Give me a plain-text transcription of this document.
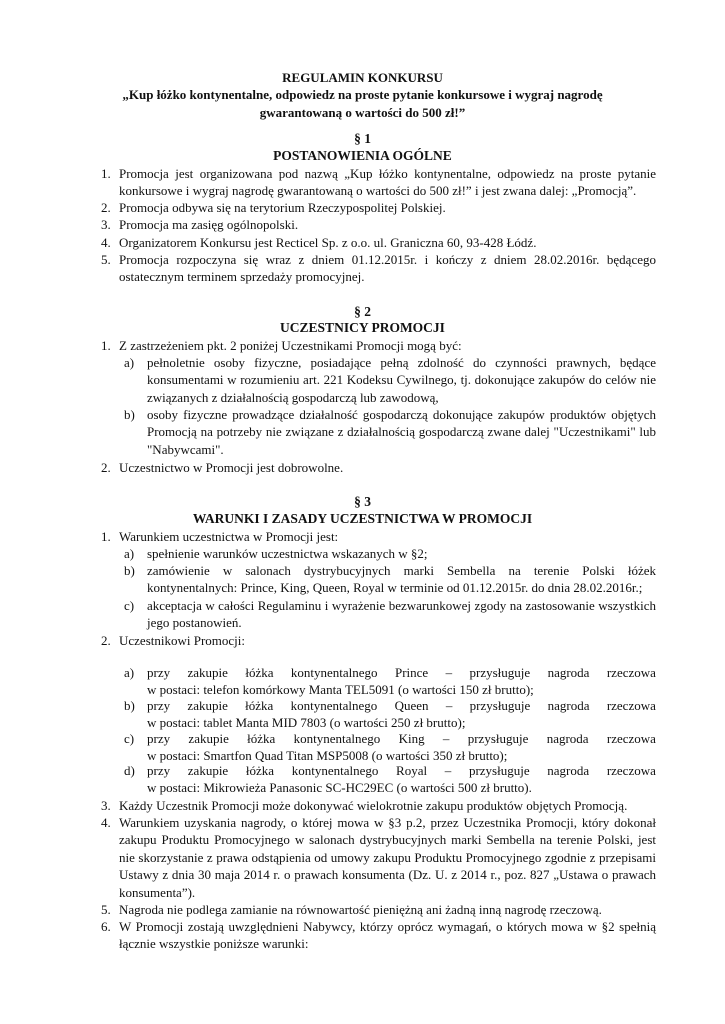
REGULAMIN KONKURSU
„Kup łóżko kontynentalne, odpowiedz na proste pytanie konkursowe i wygraj nagrodę gwarantowaną o wartości do 500 zł!”
§ 1
POSTANOWIENIA OGÓLNE
1. Promocja jest organizowana pod nazwą „Kup łóżko kontynentalne, odpowiedz na proste pytanie konkursowe i wygraj nagrodę gwarantowaną o wartości do 500 zł!” i jest zwana dalej: „Promocją”.
2. Promocja odbywa się na terytorium Rzeczypospolitej Polskiej.
3. Promocja ma zasięg ogólnopolski.
4. Organizatorem Konkursu jest Recticel Sp. z o.o. ul. Graniczna 60, 93-428 Łódź.
5. Promocja rozpoczyna się wraz z dniem 01.12.2015r. i kończy z dniem 28.02.2016r. będącego ostatecznym terminem sprzedaży promocyjnej.
§ 2
UCZESTNICY PROMOCJI
1. Z zastrzeżeniem pkt. 2 poniżej Uczestnikami Promocji mogą być:
a) pełnoletnie osoby fizyczne, posiadające pełną zdolność do czynności prawnych, będące konsumentami w rozumieniu art. 221 Kodeksu Cywilnego, tj. dokonujące zakupów do celów nie związanych z działalnością gospodarczą lub zawodową,
b) osoby fizyczne prowadzące działalność gospodarczą dokonujące zakupów produktów objętych Promocją na potrzeby nie związane z działalnością gospodarczą zwane dalej "Uczestnikami" lub "Nabywcami".
2. Uczestnictwo w Promocji jest dobrowolne.
§ 3
WARUNKI I ZASADY UCZESTNICTWA W PROMOCJI
1. Warunkiem uczestnictwa w Promocji jest:
a) spełnienie warunków uczestnictwa wskazanych w §2;
b) zamówienie w salonach dystrybucyjnych marki Sembella na terenie Polski łóżek kontynentalnych: Prince, King, Queen, Royal w terminie od 01.12.2015r. do dnia 28.02.2016r.;
c) akceptacja w całości Regulaminu i wyrażenie bezwarunkowej zgody na zastosowanie wszystkich jego postanowień.
2. Uczestnikowi Promocji:
a) przy zakupie łóżka kontynentalnego Prince – przysługuje nagroda rzeczowa
w postaci: telefon komórkowy Manta TEL5091 (o wartości 150 zł brutto);
b) przy zakupie łóżka kontynentalnego Queen – przysługuje nagroda rzeczowa
w postaci: tablet Manta MID 7803 (o wartości 250 zł brutto);
c) przy zakupie łóżka kontynentalnego King – przysługuje nagroda rzeczowa
w postaci: Smartfon Quad Titan MSP5008 (o wartości 350 zł brutto);
d) przy zakupie łóżka kontynentalnego Royal – przysługuje nagroda rzeczowa
w postaci: Mikrowieża Panasonic SC-HC29EC (o wartości 500 zł brutto).
3. Każdy Uczestnik Promocji może dokonywać wielokrotnie zakupu produktów objętych Promocją.
4. Warunkiem uzyskania nagrody, o której mowa w §3 p.2, przez Uczestnika Promocji, który dokonał zakupu Produktu Promocyjnego w salonach dystrybucyjnych marki Sembella na terenie Polski, jest nie skorzystanie z prawa odstąpienia od umowy zakupu Produktu Promocyjnego zgodnie z przepisami Ustawy z dnia 30 maja 2014 r. o prawach konsumenta (Dz. U. z 2014 r., poz. 827 „Ustawa o prawach konsumenta”).
5. Nagroda nie podlega zamianie na równowartość pieniężną ani żadną inną nagrodę rzeczową.
6. W Promocji zostają uwzględnieni Nabywcy, którzy oprócz wymagań, o których mowa w §2 spełnią łącznie wszystkie poniższe warunki:
